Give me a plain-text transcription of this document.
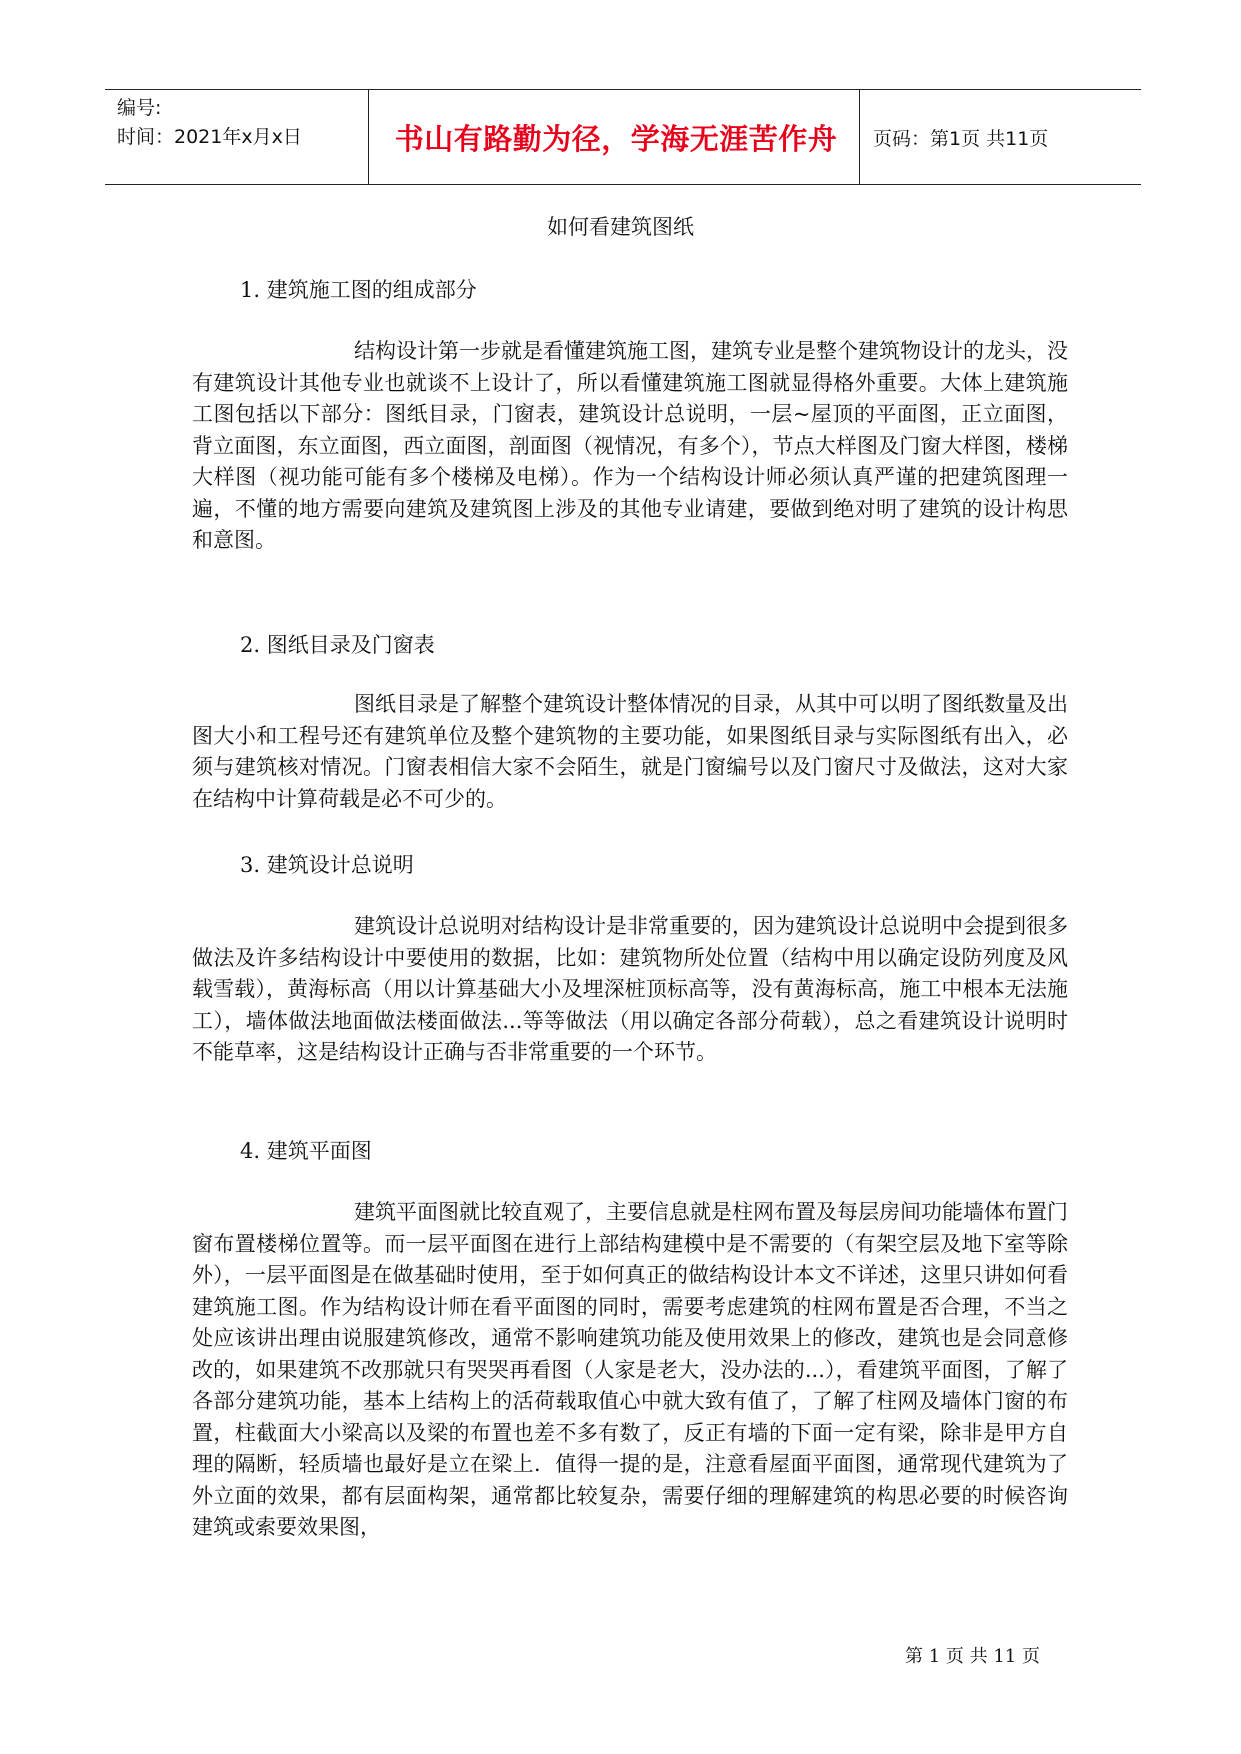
编号:
时间：2021年x月x日	书山有路勤为径，学海无涯苦作舟	页码：第1页 共11页
如何看建筑图纸
1. 建筑施工图的组成部分
结构设计第一步就是看懂建筑施工图，建筑专业是整个建筑物设计的龙头，没有建筑设计其他专业也就谈不上设计了，所以看懂建筑施工图就显得格外重要。大体上建筑施工图包括以下部分：图纸目录，门窗表，建筑设计总说明，一层~屋顶的平面图，正立面图，背立面图，东立面图，西立面图，剖面图（视情况，有多个），节点大样图及门窗大样图，楼梯大样图（视功能可能有多个楼梯及电梯）。作为一个结构设计师必须认真严谨的把建筑图理一遍，不懂的地方需要向建筑及建筑图上涉及的其他专业请建，要做到绝对明了建筑的设计构思和意图。
2. 图纸目录及门窗表
图纸目录是了解整个建筑设计整体情况的目录，从其中可以明了图纸数量及出图大小和工程号还有建筑单位及整个建筑物的主要功能，如果图纸目录与实际图纸有出入，必须与建筑核对情况。门窗表相信大家不会陌生，就是门窗编号以及门窗尺寸及做法，这对大家在结构中计算荷载是必不可少的。
3. 建筑设计总说明
建筑设计总说明对结构设计是非常重要的，因为建筑设计总说明中会提到很多做法及许多结构设计中要使用的数据，比如：建筑物所处位置（结构中用以确定设防列度及风载雪载），黄海标高（用以计算基础大小及埋深桩顶标高等，没有黄海标高，施工中根本无法施工），墙体做法地面做法楼面做法...等等做法（用以确定各部分荷载），总之看建筑设计说明时不能草率，这是结构设计正确与否非常重要的一个环节。
4. 建筑平面图
建筑平面图就比较直观了，主要信息就是柱网布置及每层房间功能墙体布置门窗布置楼梯位置等。而一层平面图在进行上部结构建模中是不需要的（有架空层及地下室等除外），一层平面图是在做基础时使用，至于如何真正的做结构设计本文不详述，这里只讲如何看建筑施工图。作为结构设计师在看平面图的同时，需要考虑建筑的柱网布置是否合理，不当之处应该讲出理由说服建筑修改，通常不影响建筑功能及使用效果上的修改，建筑也是会同意修改的，如果建筑不改那就只有哭哭再看图（人家是老大，没办法的...），看建筑平面图，了解了各部分建筑功能，基本上结构上的活荷载取值心中就大致有值了，了解了柱网及墙体门窗的布置，柱截面大小梁高以及梁的布置也差不多有数了，反正有墙的下面一定有梁，除非是甲方自理的隔断，轻质墙也最好是立在梁上．值得一提的是，注意看屋面平面图，通常现代建筑为了外立面的效果，都有层面构架，通常都比较复杂，需要仔细的理解建筑的构思必要的时候咨询建筑或索要效果图，
第 1 页 共 11 页
